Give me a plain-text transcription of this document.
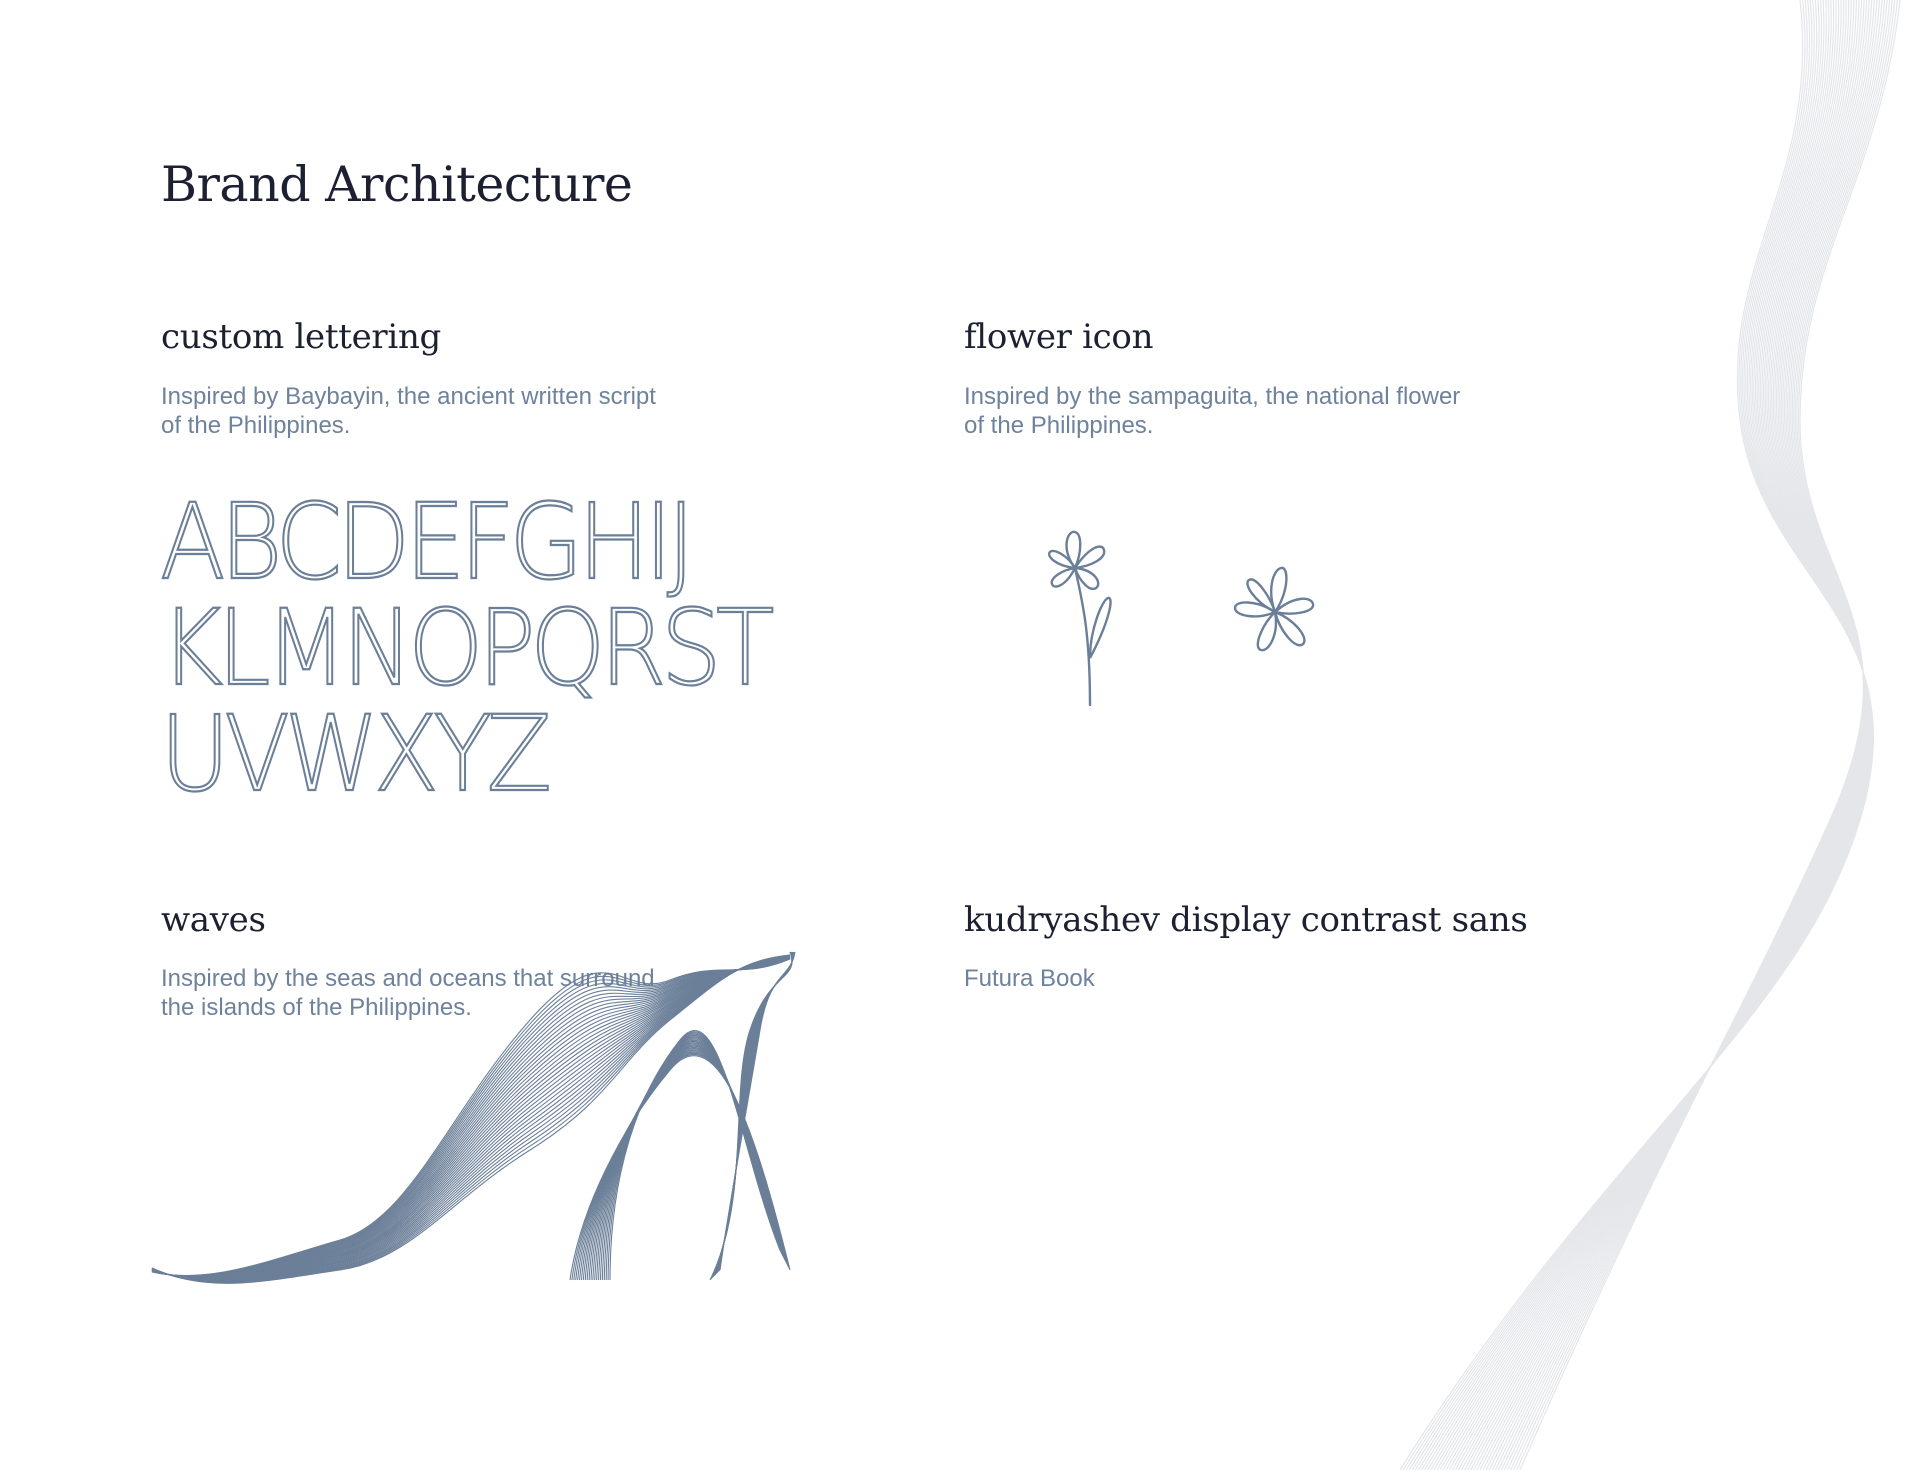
Brand Architecture
custom lettering

Inspired by Baybayin, the ancient written script of the Philippines.

ABCDEFGHIJ
KLMNOPQRST
UVWXYZ
flower icon

Inspired by the sampaguita, the national flower of the Philippines.

waves

Inspired by the seas and oceans that surround the islands of the Philippines.

kudryashev display contrast sans

Futura Book
